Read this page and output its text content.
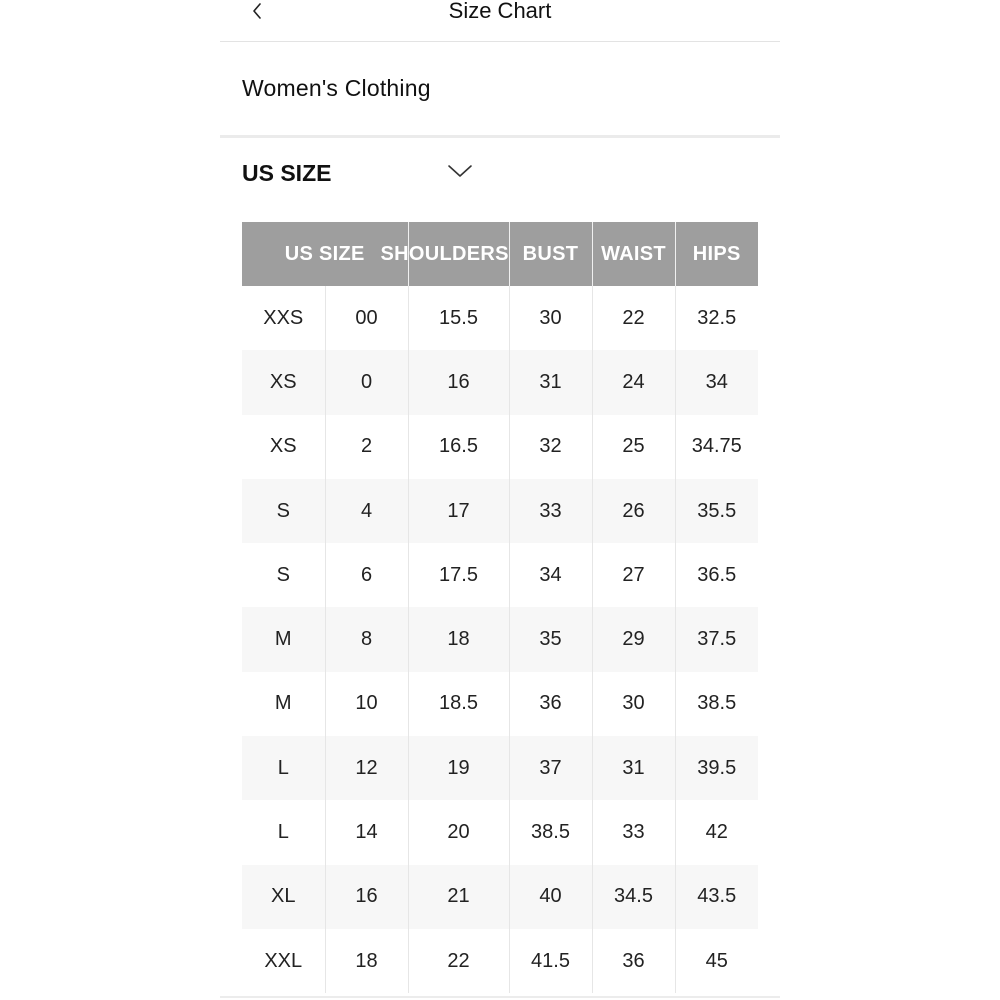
Size Chart
Women's Clothing
US SIZE
US SIZE		SHOULDERS	BUST	WAIST	HIPS
XXS	00	15.5	30	22	32.5
XS	0	16	31	24	34
XS	2	16.5	32	25	34.75
S	4	17	33	26	35.5
S	6	17.5	34	27	36.5
M	8	18	35	29	37.5
M	10	18.5	36	30	38.5
L	12	19	37	31	39.5
L	14	20	38.5	33	42
XL	16	21	40	34.5	43.5
XXL	18	22	41.5	36	45
